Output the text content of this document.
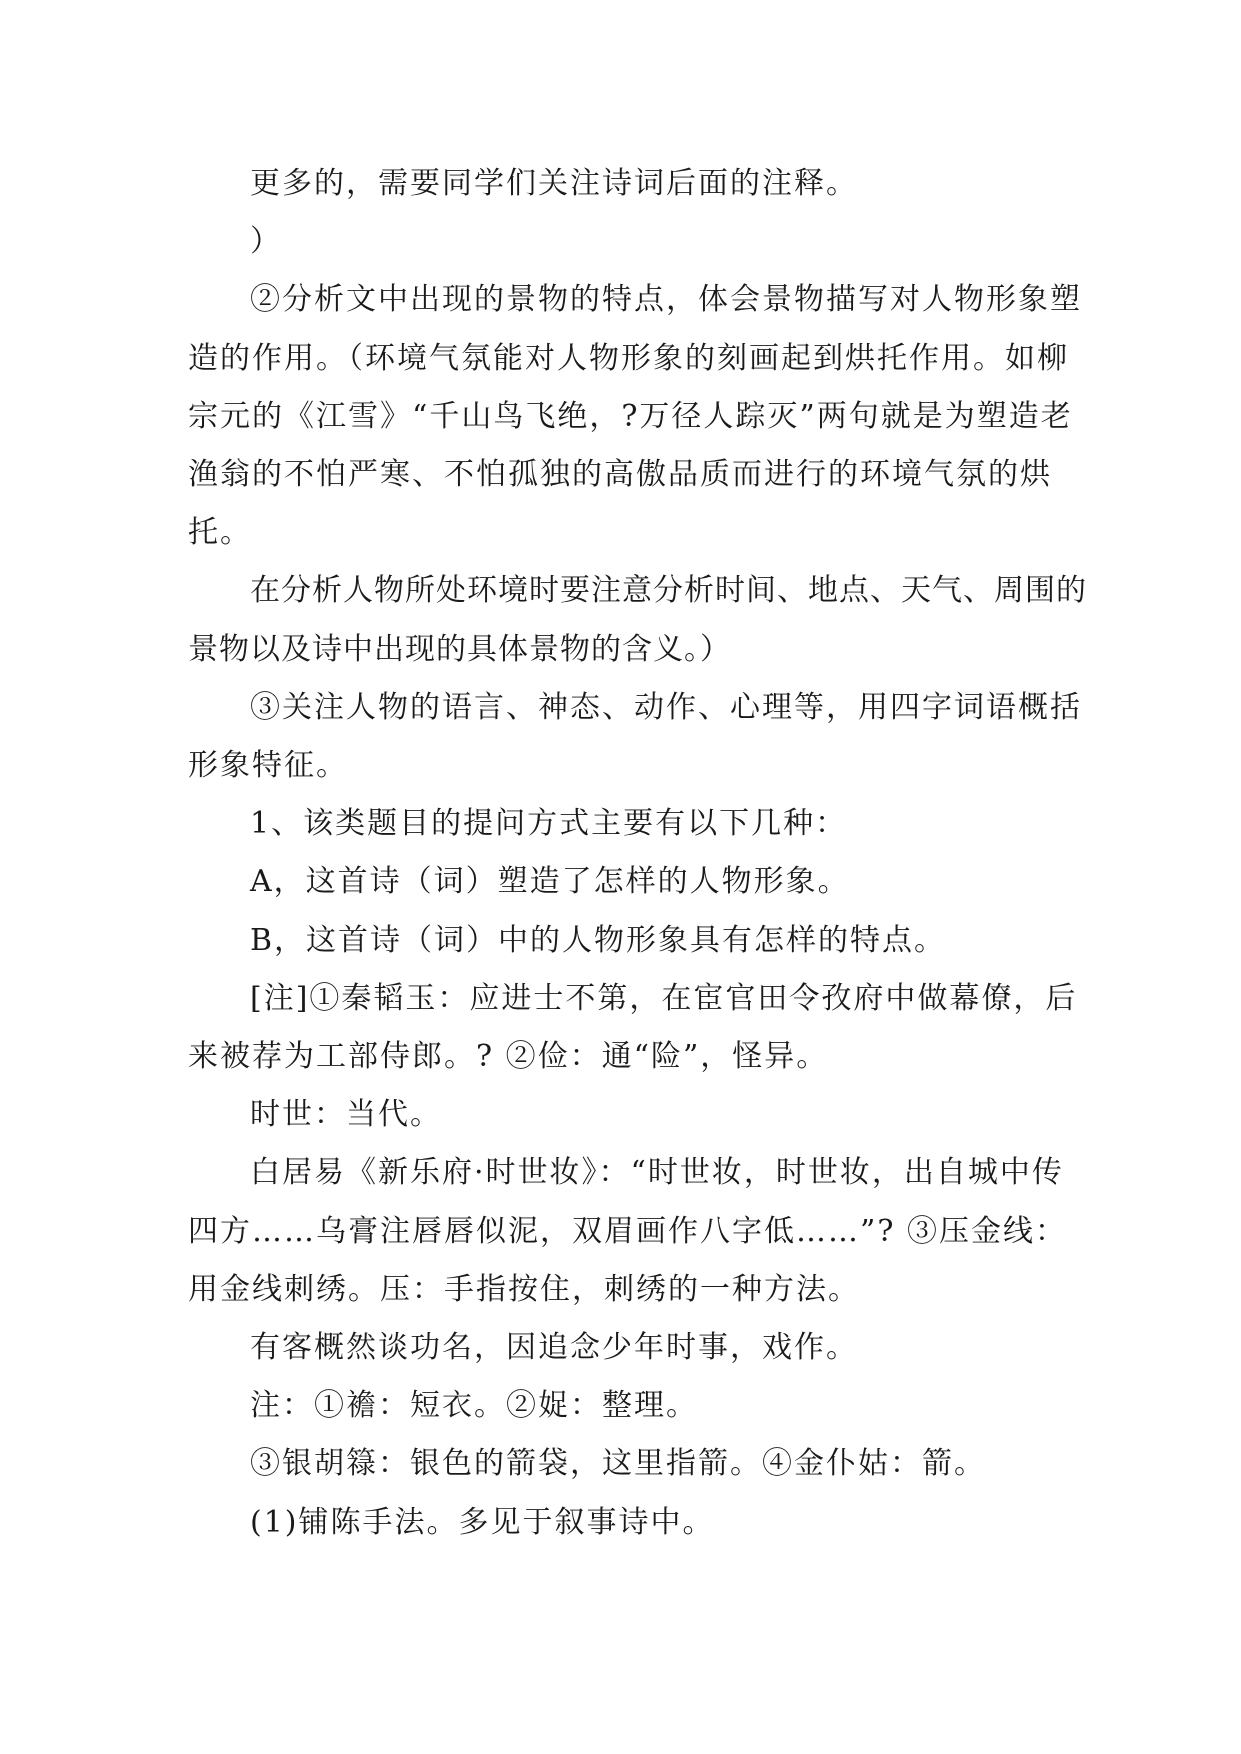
更多的，需要同学们关注诗词后面的注释。

）

②分析文中出现的景物的特点，体会景物描写对人物形象塑造的作用。（环境气氛能对人物形象的刻画起到烘托作用。如柳宗元的《江雪》“千山鸟飞绝，?万径人踪灭”两句就是为塑造老渔翁的不怕严寒、不怕孤独的高傲品质而进行的环境气氛的烘托。

在分析人物所处环境时要注意分析时间、地点、天气、周围的景物以及诗中出现的具体景物的含义。）

③关注人物的语言、神态、动作、心理等，用四字词语概括形象特征。

1、该类题目的提问方式主要有以下几种：

A，这首诗（词）塑造了怎样的人物形象。

B，这首诗（词）中的人物形象具有怎样的特点。

[注]①秦韬玉：应进士不第，在宦官田令孜府中做幕僚，后来被荐为工部侍郎。? ②俭：通“险”，怪异。

时世：当代。

白居易《新乐府·时世妆》：“时世妆，时世妆，出自城中传四方……乌膏注唇唇似泥，双眉画作八字低……”? ③压金线：用金线刺绣。压：手指按住，刺绣的一种方法。

有客概然谈功名，因追念少年时事，戏作。

注：①襜：短衣。②娖：整理。

③银胡簶：银色的箭袋，这里指箭。④金仆姑：箭。

(1)铺陈手法。多见于叙事诗中。
